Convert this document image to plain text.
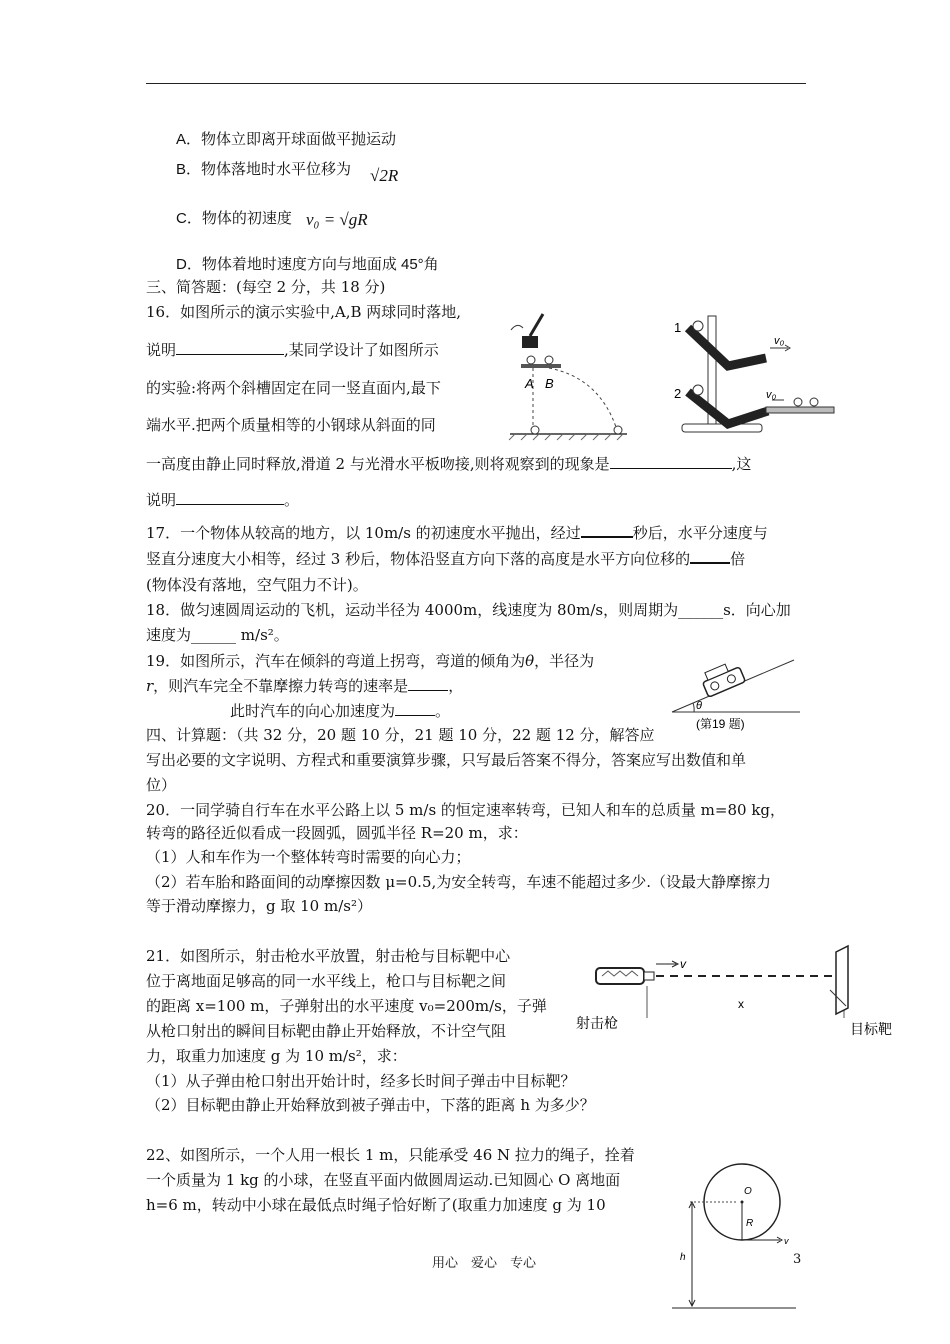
A．物体立即离开球面做平抛运动
B．物体落地时水平位移为 √2R
C．物体的初速度 v₀ = √gR
D．物体着地时速度方向与地面成 45°角
三、简答题：(每空 2 分，共 18 分)
16．如图所示的演示实验中,A,B 两球同时落地,
说明	,某同学设计了如图所示
的实验:将两个斜槽固定在同一竖直面内,最下
端水平.把两个质量相等的小钢球从斜面的同
一高度由静止同时释放,滑道 2 与光滑水平板吻接,则将观察到的现象是	,这
说明	。
A B
1
2
v₀
v₀
17．一个物体从较高的地方，以 10m/s 的初速度水平抛出，经过	秒后，水平分速度与
竖直分速度大小相等，经过 3 秒后，物体沿竖直方向下落的高度是水平方向位移的	倍
(物体没有落地，空气阻力不计)。
18．做匀速圆周运动的飞机，运动半径为 4000m，线速度为 80m/s，则周期为______s．向心加
速度为______ m/s²。
19．如图所示，汽车在倾斜的弯道上拐弯，弯道的倾角为θ，半径为
r，则汽车完全不靠摩擦力转弯的速率是	，
此时汽车的向心加速度为	。	θ
(第19 题)
四、计算题：（共 32 分，20 题 10 分，21 题 10 分，22 题 12 分，解答应
写出必要的文字说明、方程式和重要演算步骤，只写最后答案不得分，答案应写出数值和单
位）
20．一同学骑自行车在水平公路上以 5 m/s 的恒定速率转弯，已知人和车的总质量 m=80 kg，
转弯的路径近似看成一段圆弧，圆弧半径 R=20 m，求：
（1）人和车作为一个整体转弯时需要的向心力；
（2）若车胎和路面间的动摩擦因数 μ=0.5,为安全转弯，车速不能超过多少.（设最大静摩擦力
等于滑动摩擦力，g 取 10 m/s²）
21．如图所示，射击枪水平放置，射击枪与目标靶中心
位于离地面足够高的同一水平线上，枪口与目标靶之间
的距离 x=100 m，子弹射出的水平速度 v₀=200m/s，子弹
从枪口射出的瞬间目标靶由静止开始释放，不计空气阻
力，取重力加速度 g 为 10 m/s²，求：
（1）从子弹由枪口射出开始计时，经多长时间子弹击中目标靶？
（2）目标靶由静止开始释放到被子弹击中，下落的距离 h 为多少？
v
x
射击枪	目标靶
22、如图所示，一个人用一根长 1 m，只能承受 46 N 拉力的绳子，拴着
一个质量为 1 kg 的小球，在竖直平面内做圆周运动.已知圆心 O 离地面
h=6 m，转动中小球在最低点时绳子恰好断了(取重力加速度 g 为 10
O
R
v
h
用心　爱心　专心	3
